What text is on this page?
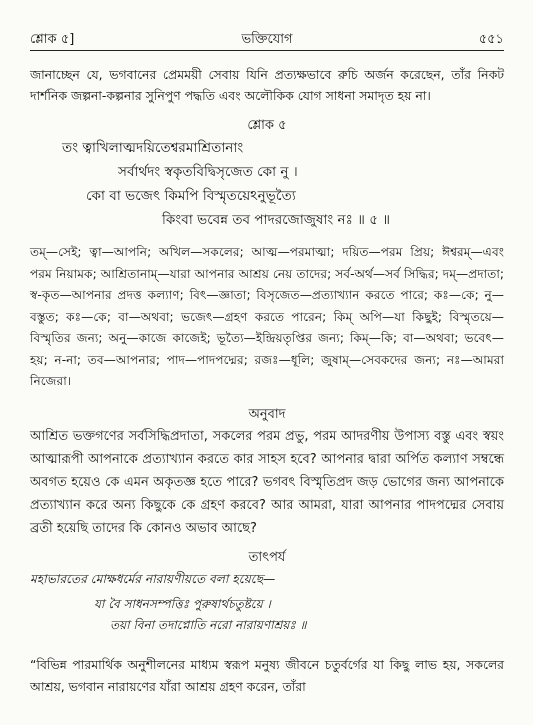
শ্লোক ৫]	ভক্তিযোগ	৫৫১

জানাচ্ছেন যে, ভগবানের প্রেমময়ী সেবায় যিনি প্রত্যক্ষভাবে রুচি অর্জন করেছেন, তাঁর নিকট দার্শনিক জল্পনা-কল্পনার সুনিপুণ পদ্ধতি এবং অলৌকিক যোগ সাধনা সমাদৃত হয় না।

শ্লোক ৫
তং ত্বাখিলাত্মদয়িতেশ্বরমাশ্রিতানাং
সর্বার্থদং স্বকৃতবিদ্বিসৃজেত কো নু ।
কো বা ভজেৎ কিমপি বিস্মৃতয়েঽনুভূত্যৈ
কিংবা ভবেন্ন তব পাদরজোজুষাং নঃ ॥ ৫ ॥

তম্—সেই; ত্বা—আপনি; অখিল—সকলের; আত্ম—পরমাত্মা; দয়িত—পরম প্রিয়; ঈশ্বরম্—এবং পরম নিয়ামক; আশ্রিতানাম্—যারা আপনার আশ্রয় নেয় তাদের; সর্ব-অর্থ—সর্ব সিদ্ধির; দম্—প্রদাতা; স্ব-কৃত—আপনার প্রদত্ত কল্যাণ; বিৎ—জ্ঞাতা; বিসৃজেত—প্রত্যাখ্যান করতে পারে; কঃ—কে; নু—বস্তুত; কঃ—কে; বা—অথবা; ভজেৎ—গ্রহণ করতে পারেন; কিম্ অপি—যা কিছুই; বিস্মৃতয়ে—বিস্মৃতির জন্য; অনু—কাজে কাজেই; ভূত্যৈ—ইন্দ্রিয়তৃপ্তির জন্য; কিম্—কি; বা—অথবা; ভবেৎ—হয়; ন-না; তব—আপনার; পাদ—পাদপদ্মের; রজঃ—ধূলি; জুষাম্—সেবকদের জন্য; নঃ—আমরা নিজেরা।

অনুবাদ

আশ্রিত ভক্তগণের সর্বসিদ্ধিপ্রদাতা, সকলের পরম প্রভু, পরম আদরণীয় উপাস্য বস্তু এবং স্বয়ং আত্মারূপী আপনাকে প্রত্যাখ্যান করতে কার সাহস হবে? আপনার দ্বারা অর্পিত কল্যাণ সম্বন্ধে অবগত হয়েও কে এমন অকৃতজ্ঞ হতে পারে? ভগবৎ বিস্মৃতিপ্রদ জড় ভোগের জন্য আপনাকে প্রত্যাখ্যান করে অন্য কিছুকে কে গ্রহণ করবে? আর আমরা, যারা আপনার পাদপদ্মের সেবায় ব্রতী হয়েছি তাদের কি কোনও অভাব আছে?

তাৎপর্য
মহাভারতের মোক্ষধর্মের নারায়ণীয়তে বলা হয়েছে—
যা বৈ সাধনসম্পত্তিঃ পুরুষার্থচতুষ্টয়ে ।
তয়া বিনা তদাপ্নোতি নরো নারায়ণাশ্রয়ঃ ॥

“বিভিন্ন পারমার্থিক অনুশীলনের মাধ্যম স্বরূপ মনুষ্য জীবনে চতুর্বর্গের যা কিছু লাভ হয়, সকলের আশ্রয়, ভগবান নারায়ণের যাঁরা আশ্রয় গ্রহণ করেন, তাঁরা
